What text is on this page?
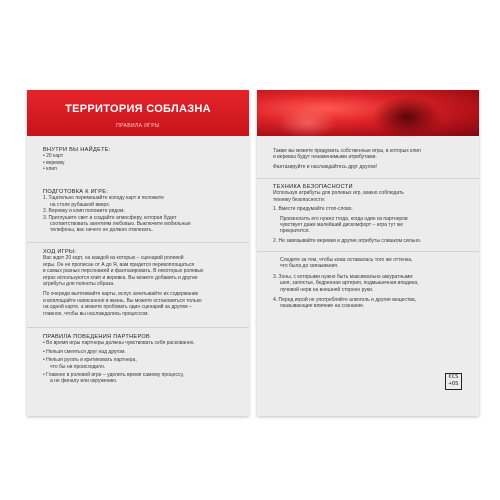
ТЕРРИТОРИЯ СОБЛАЗНА
ПРАВИЛА ИГРЫ
ВНУТРИ ВЫ НАЙДЕТЕ:
• 20 карт
• веревку
• клип
ПОДГОТОВКА К ИГРЕ:
1. Тщательно перемешайте колоду карт и положите
на столе рубашкой вверх.
2. Веревку и клип положите рядом.
3. Приглушите свет и создайте атмосферу, которая будет
соответствовать занятиям любовью. Выключите мобильные
телефоны, вас ничего не должно отвлекать.
ХОД ИГРЫ:
Вас ждет 20 карт, на каждой из которых – сценарий ролевой
игры. Он не прописан от А до Я, вам придется перевоплощаться
в самых разных персонажей и фантазировать. В некоторых ролевых
играх используются клип и веревка. Вы можете добавить и другие
атрибуты для полноты образа.
По очереди вытягивайте карты, вслух зачитывайте их содержание
и воплощайте написанное в жизнь. Вы можете остановиться только
на одной карте, а можете пробовать один сценарий за другим –
главное, чтобы вы наслаждались процессом.
ПРАВИЛА ПОВЕДЕНИЯ ПАРТНЕРОВ
• Во время игры партнеры должны чувствовать себя раскованно.
• Нельзя смеяться друг над другом.
• Нельзя ругать и критиковать партнера,
что бы ни происходило.
• Главное в ролевой игре – уделить время самому процессу,
а не финалу или окружению.
Также вы можете придумать собственные игры, в которых клип
и веревка будут незаменимыми атрибутами.
Фантазируйте и наслаждайтесь друг другом!
ТЕХНИКА БЕЗОПАСНОСТИ
Используя атрибуты для ролевых игр, важно соблюдать
технику безопасности:
1. Вместе придумайте стоп-слово.
Произносить его нужно тогда, когда один из партнеров
чувствует даже малейший дискомфорт – игра тут же
прекратится.
2. Не завязывайте веревки и другие атрибуты слишком сильно.
Следите за тем, чтобы кожа оставалась того же оттенка,
что была до связывания.
3. Зоны, с которыми нужно быть максимально аккуратными:
шея, запястье, бедренная артерия, подмышечная впадина,
лучевой нерв на внешней стороне руки.
4. Перед игрой не употребляйте алкоголь и другие вещества,
оказывающие влияние на сознание.
€CS
+OS
